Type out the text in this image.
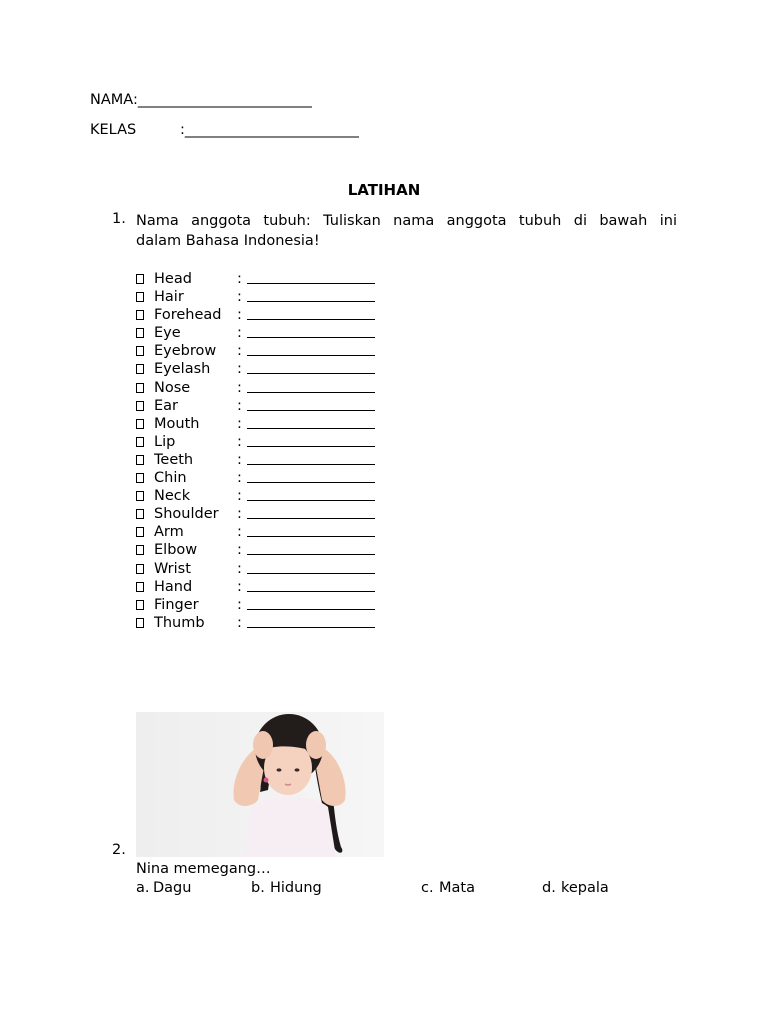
NAMA:________________________
KELAS	:________________________
LATIHAN
1. Nama anggota tubuh: Tuliskan nama anggota tubuh di bawah ini
dalam Bahasa Indonesia!
Head	:
Hair	:
Forehead :
Eye	:
Eyebrow :
Eyelash :
Nose	:
Ear	:
Mouth	:
Lip	:
Teeth	:
Chin	:
Neck	:
Shoulder :
Arm	:
Elbow	:
Wrist	:
Hand	:
Finger	:
Thumb :
2.
Nina memegang…
a. Dagu	b. Hidung	c. Mata	d. kepala
